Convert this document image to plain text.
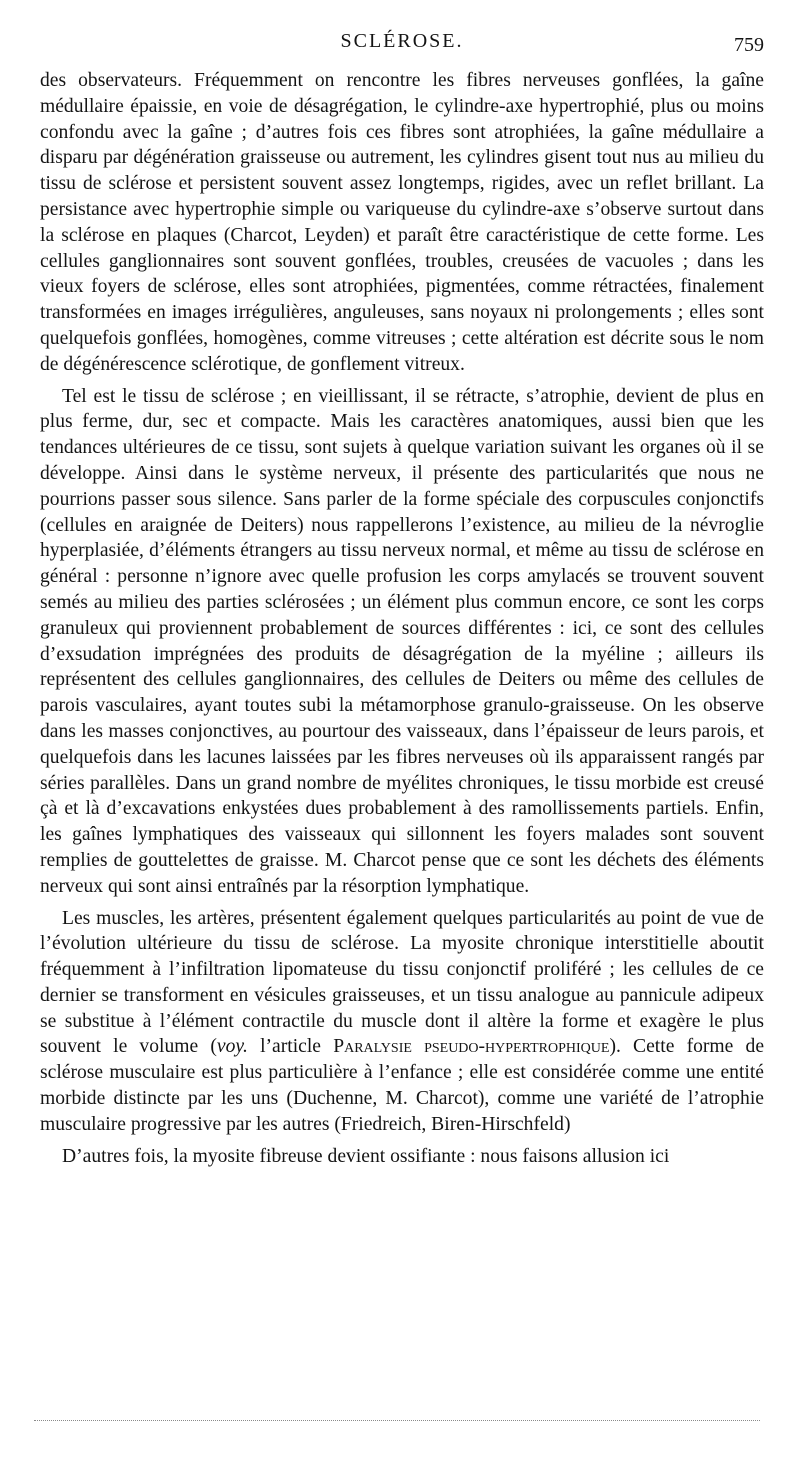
SCLÉROSE.	759

des observateurs. Fréquemment on rencontre les fibres nerveuses gonflées, la gaîne médullaire épaissie, en voie de désagrégation, le cylindre-axe hypertrophié, plus ou moins confondu avec la gaîne ; d’autres fois ces fibres sont atrophiées, la gaîne médullaire a disparu par dégénération graisseuse ou autrement, les cylindres gisent tout nus au milieu du tissu de sclérose et persistent souvent assez longtemps, rigides, avec un reflet brillant. La persistance avec hypertrophie simple ou variqueuse du cylindre-axe s’observe surtout dans la sclérose en plaques (Charcot, Leyden) et paraît être caractéristique de cette forme. Les cellules ganglionnaires sont souvent gonflées, troubles, creusées de vacuoles ; dans les vieux foyers de sclérose, elles sont atrophiées, pigmentées, comme rétractées, finalement transformées en images irrégulières, anguleuses, sans noyaux ni prolongements ; elles sont quelquefois gonflées, homogènes, comme vitreuses ; cette altération est décrite sous le nom de dégénérescence sclérotique, de gonflement vitreux.

Tel est le tissu de sclérose ; en vieillissant, il se rétracte, s’atrophie, devient de plus en plus ferme, dur, sec et compacte. Mais les caractères anatomiques, aussi bien que les tendances ultérieures de ce tissu, sont sujets à quelque variation suivant les organes où il se développe. Ainsi dans le système nerveux, il présente des particularités que nous ne pourrions passer sous silence. Sans parler de la forme spéciale des corpuscules conjonctifs (cellules en araignée de Deiters) nous rappellerons l’existence, au milieu de la névroglie hyperplasiée, d’éléments étrangers au tissu nerveux normal, et même au tissu de sclérose en général : personne n’ignore avec quelle profusion les corps amylacés se trouvent souvent semés au milieu des parties sclérosées ; un élément plus commun encore, ce sont les corps granuleux qui proviennent probablement de sources différentes : ici, ce sont des cellules d’exsudation imprégnées des produits de désagrégation de la myéline ; ailleurs ils représentent des cellules ganglionnaires, des cellules de Deiters ou même des cellules de parois vasculaires, ayant toutes subi la métamorphose granulo-graisseuse. On les observe dans les masses conjonctives, au pourtour des vaisseaux, dans l’épaisseur de leurs parois, et quelquefois dans les lacunes laissées par les fibres nerveuses où ils apparaissent rangés par séries parallèles. Dans un grand nombre de myélites chroniques, le tissu morbide est creusé çà et là d’excavations enkystées dues probablement à des ramollissements partiels. Enfin, les gaînes lymphatiques des vaisseaux qui sillonnent les foyers malades sont souvent remplies de gouttelettes de graisse. M. Charcot pense que ce sont les déchets des éléments nerveux qui sont ainsi entraînés par la résorption lymphatique.

Les muscles, les artères, présentent également quelques particularités au point de vue de l’évolution ultérieure du tissu de sclérose. La myosite chronique interstitielle aboutit fréquemment à l’infiltration lipomateuse du tissu conjonctif proliféré ; les cellules de ce dernier se transforment en vésicules graisseuses, et un tissu analogue au pannicule adipeux se substitue à l’élément contractile du muscle dont il altère la forme et exagère le plus souvent le volume (voy. l’article Paralysie pseudo-hypertrophique). Cette forme de sclérose musculaire est plus particulière à l’enfance ; elle est considérée comme une entité morbide distincte par les uns (Duchenne, M. Charcot), comme une variété de l’atrophie musculaire progressive par les autres (Friedreich, Biren-Hirschfeld)

D’autres fois, la myosite fibreuse devient ossifiante : nous faisons allusion ici
